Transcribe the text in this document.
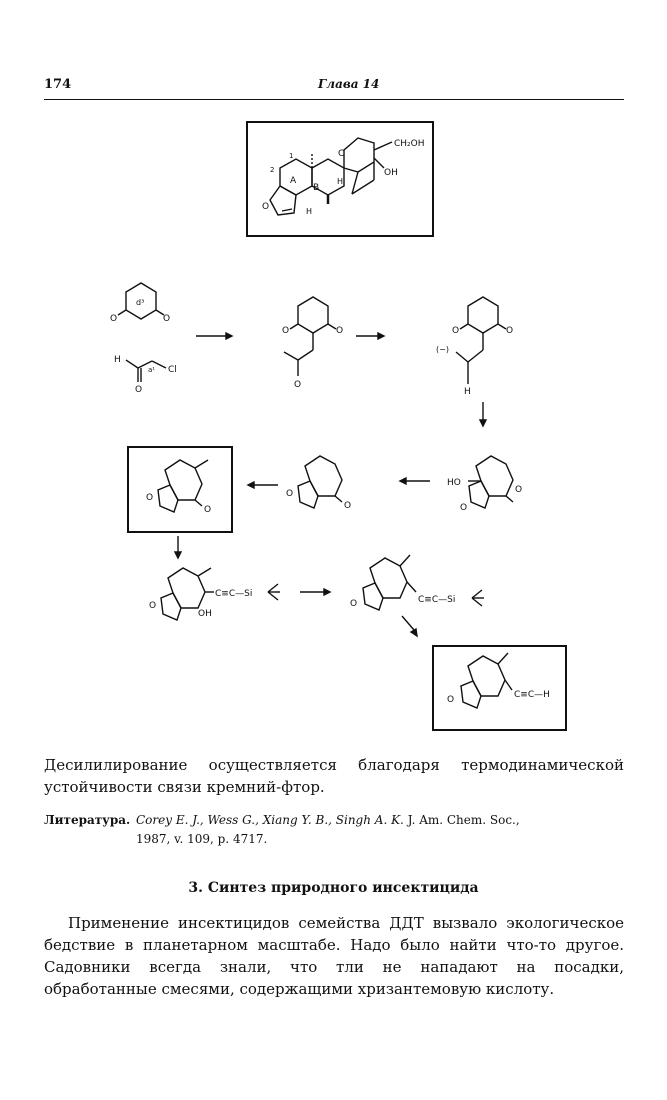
174	Глава 14
CH₂OH
OH
A
B
C
H
H
1
2
O
O	O
d³
H
a¹ Cl
O
O	O
O
O	O
(−)
H
O
O
O
O
HO
O
O
OH
C≡C—Si
O
C≡C—Si
O
C≡C—H
O
Десилилирование осуществляется благодаря термодинамической устойчивости связи кремний-фтор.
Литература. Corey E. J., Wess G., Xiang Y. B., Singh A. K. J. Am. Chem. Soc.,
1987, v. 109, p. 4717.
3. Синтез природного инсектицида
Применение инсектицидов семейства ДДТ вызвало экологическое бедствие в планетарном масштабе. Надо было найти что-то другое. Садовники всегда знали, что тли не нападают на посадки, обработанные смесями, содержащими хризантемовую кислоту.
